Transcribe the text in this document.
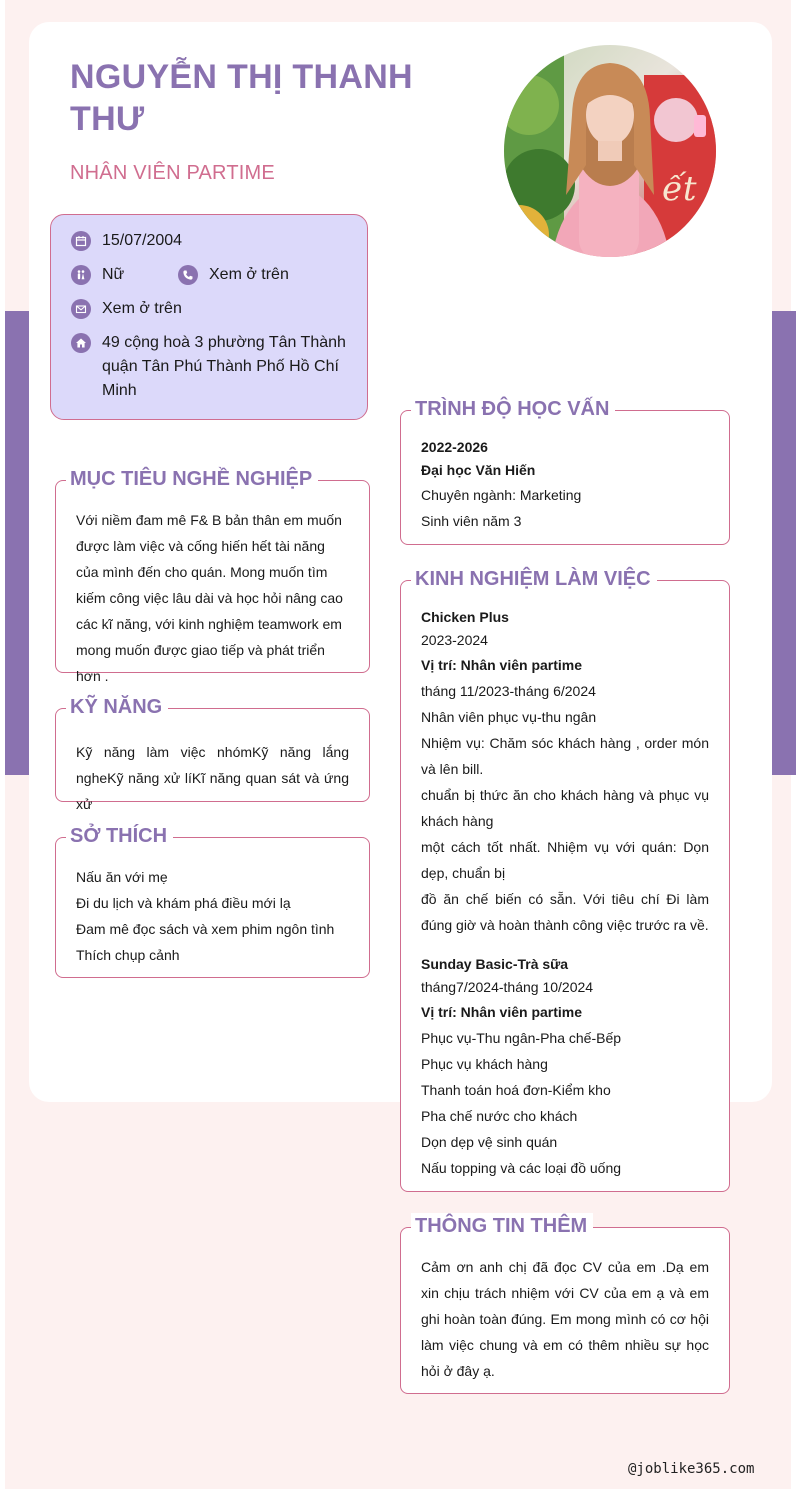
NGUYỄN THỊ THANH THƯ
NHÂN VIÊN PARTIME	ết
15/07/2004
Nữ	Xem ở trên
Xem ở trên
49 cộng hoà 3 phường Tân Thành quận Tân Phú Thành Phố Hồ Chí Minh
MỤC TIÊU NGHỀ NGHIỆP
Với niềm đam mê F& B bản thân em muốn được làm việc và cống hiến hết tài năng của mình đến cho quán. Mong muốn tìm kiếm công việc lâu dài và học hỏi nâng cao các kĩ năng, với kinh nghiệm teamwork em mong muốn được giao tiếp và phát triển hơn .
KỸ NĂNG
Kỹ năng làm việc nhómKỹ năng lắng ngheKỹ năng xử líKĩ năng quan sát và ứng xử
SỞ THÍCH
Nấu ăn với mẹ
Đi du lịch và khám phá điều mới lạ
Đam mê đọc sách và xem phim ngôn tình
Thích chụp cảnh
TRÌNH ĐỘ HỌC VẤN
2022-2026
Đại học Văn Hiến
Chuyên ngành: Marketing
Sinh viên năm 3
KINH NGHIỆM LÀM VIỆC
Chicken Plus
2023-2024
Vị trí: Nhân viên partime
tháng 11/2023-tháng 6/2024
Nhân viên phục vụ-thu ngân
Nhiệm vụ: Chăm sóc khách hàng , order món và lên bill.
chuẩn bị thức ăn cho khách hàng và phục vụ khách hàng
một cách tốt nhất. Nhiệm vụ với quán: Dọn dẹp, chuẩn bị
đồ ăn chế biến có sẵn. Với tiêu chí Đi làm đúng giờ và hoàn thành công việc trước ra về.
Sunday Basic-Trà sữa
tháng7/2024-tháng 10/2024
Vị trí: Nhân viên partime
Phục vụ-Thu ngân-Pha chế-Bếp
Phục vụ khách hàng
Thanh toán hoá đơn-Kiểm kho
Pha chế nước cho khách
Dọn dẹp vệ sinh quán
Nấu topping và các loại đồ uống
THÔNG TIN THÊM
Cảm ơn anh chị đã đọc CV của em .Dạ em xin chịu trách nhiệm với CV của em ạ và em ghi hoàn toàn đúng. Em mong mình có cơ hội làm việc chung và em có thêm nhiều sự học hỏi ở đây ạ.
@joblike365.com
